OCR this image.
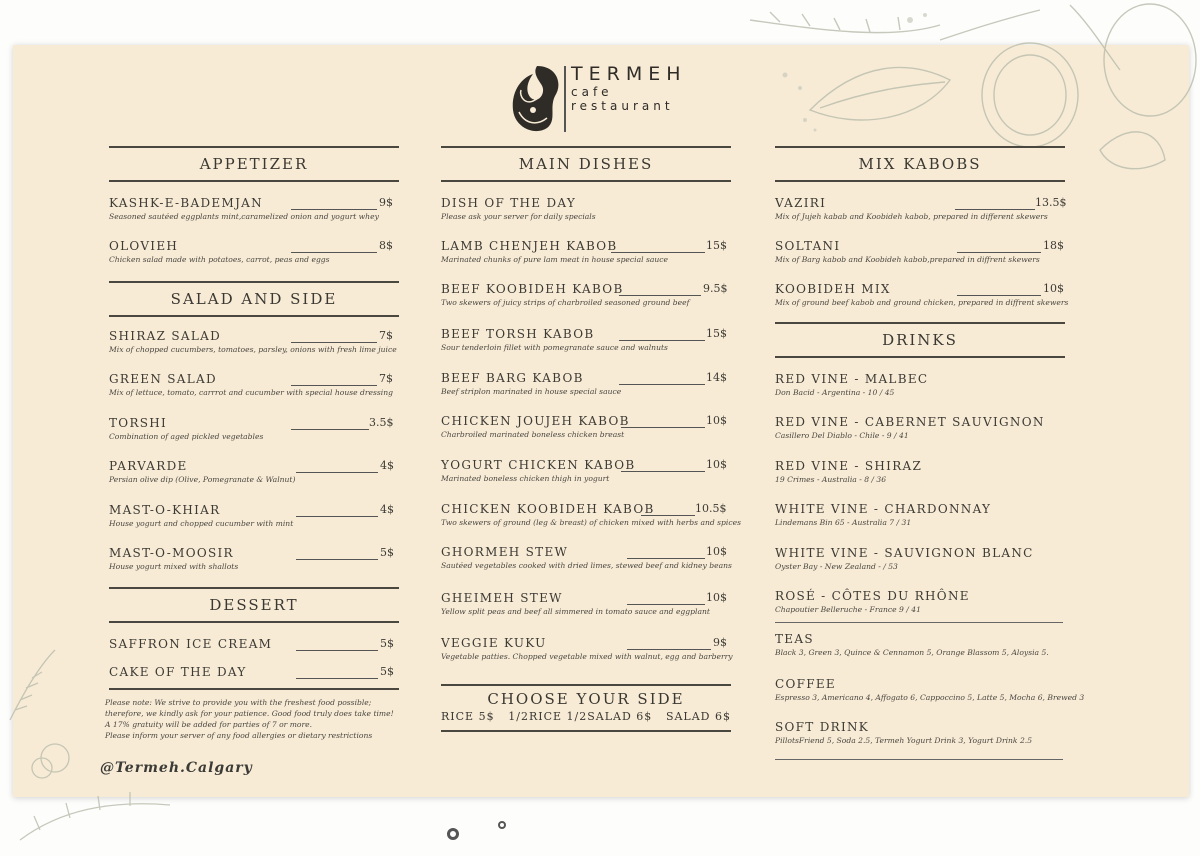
TERMEH
cafe
restaurant
APPETIZER
KASHK-E-BADEMJAN	9$
Seasoned sautéed eggplants mint,caramelized onion and yogurt whey
OLOVIEH	8$
Chicken salad made with potatoes, carrot, peas and eggs
SALAD AND SIDE
SHIRAZ SALAD	7$
Mix of chopped cucumbers, tomatoes, parsley, onions with fresh lime juice
GREEN SALAD	7$
Mix of lettuce, tomato, carrrot and cucumber with special house dressing
TORSHI	3.5$
Combination of aged pickled vegetables
PARVARDE	4$
Persian olive dip (Olive, Pomegranate & Walnut)
MAST-O-KHIAR	4$
House yogurt and chopped cucumber with mint
MAST-O-MOOSIR	5$
House yogurt mixed with shallots
DESSERT
SAFFRON ICE CREAM	5$
CAKE OF THE DAY	5$

Please note: We strive to provide you with the freshest food possible;

therefore, we kindly ask for your patience. Good food truly does take time!

A 17% gratuity will be added for parties of 7 or more.

Please inform your server of any food allergies or dietary restrictions

@Termeh.Calgary
MAIN DISHES
DISH OF THE DAY
Please ask your server for daily specials
LAMB CHENJEH KABOB	15$
Marinated chunks of pure lam meat in house special sauce
BEEF KOOBIDEH KABOB	9.5$
Two skewers of juicy strips of charbroiled seasoned ground beef
BEEF TORSH KABOB	15$
Sour tenderloin fillet with pomegranate sauce and walnuts
BEEF BARG KABOB	14$
Beef striplon marinated in house special sauce
CHICKEN JOUJEH KABOB	10$
Charbroiled marinated boneless chicken breast
YOGURT CHICKEN KABOB	10$
Marinated boneless chicken thigh in yogurt
CHICKEN KOOBIDEH KABOB	10.5$
Two skewers of ground (leg & breast) of chicken mixed with herbs and spices
GHORMEH STEW	10$
Sautéed vegetables cooked with dried limes, stewed beef and kidney beans
GHEIMEH STEW	10$
Yellow split peas and beef all simmered in tomato sauce and eggplant
VEGGIE KUKU	9$
Vegetable patties. Chopped vegetable mixed with walnut, egg and barberry
CHOOSE YOUR SIDE
RICE 5$ 1/2RICE 1/2SALAD 6$ SALAD 6$
MIX KABOBS
VAZIRI	13.5$
Mix of Jujeh kabab and Koobideh kabob, prepared in different skewers
SOLTANI	18$
Mix of Barg kabob and Koobideh kabob,prepared in diffrent skewers
KOOBIDEH MIX	10$
Mix of ground beef kabob and ground chicken, prepared in diffrent skewers
DRINKS
RED VINE - MALBEC
Don Bacid - Argentina - 10 / 45
RED VINE - CABERNET SAUVIGNON
Casillero Del Diablo - Chile - 9 / 41
RED VINE - SHIRAZ
19 Crimes - Australia - 8 / 36
WHITE VINE - CHARDONNAY
Lindemans Bin 65 - Australia 7 / 31
WHITE VINE - SAUVIGNON BLANC
Oyster Bay - New Zealand - / 53
ROSÉ - CÔTES DU RHÔNE
Chapoutier Belleruche - France 9 / 41
TEAS
Black 3, Green 3, Quince & Cennamon 5, Orange Blassom 5, Aloysia 5.
COFFEE
Espresso 3, Americano 4, Affogato 6, Cappoccino 5, Latte 5, Mocha 6, Brewed 3
SOFT DRINK
PillotsFriend 5, Soda 2.5, Termeh Yogurt Drink 3, Yogurt Drink 2.5
